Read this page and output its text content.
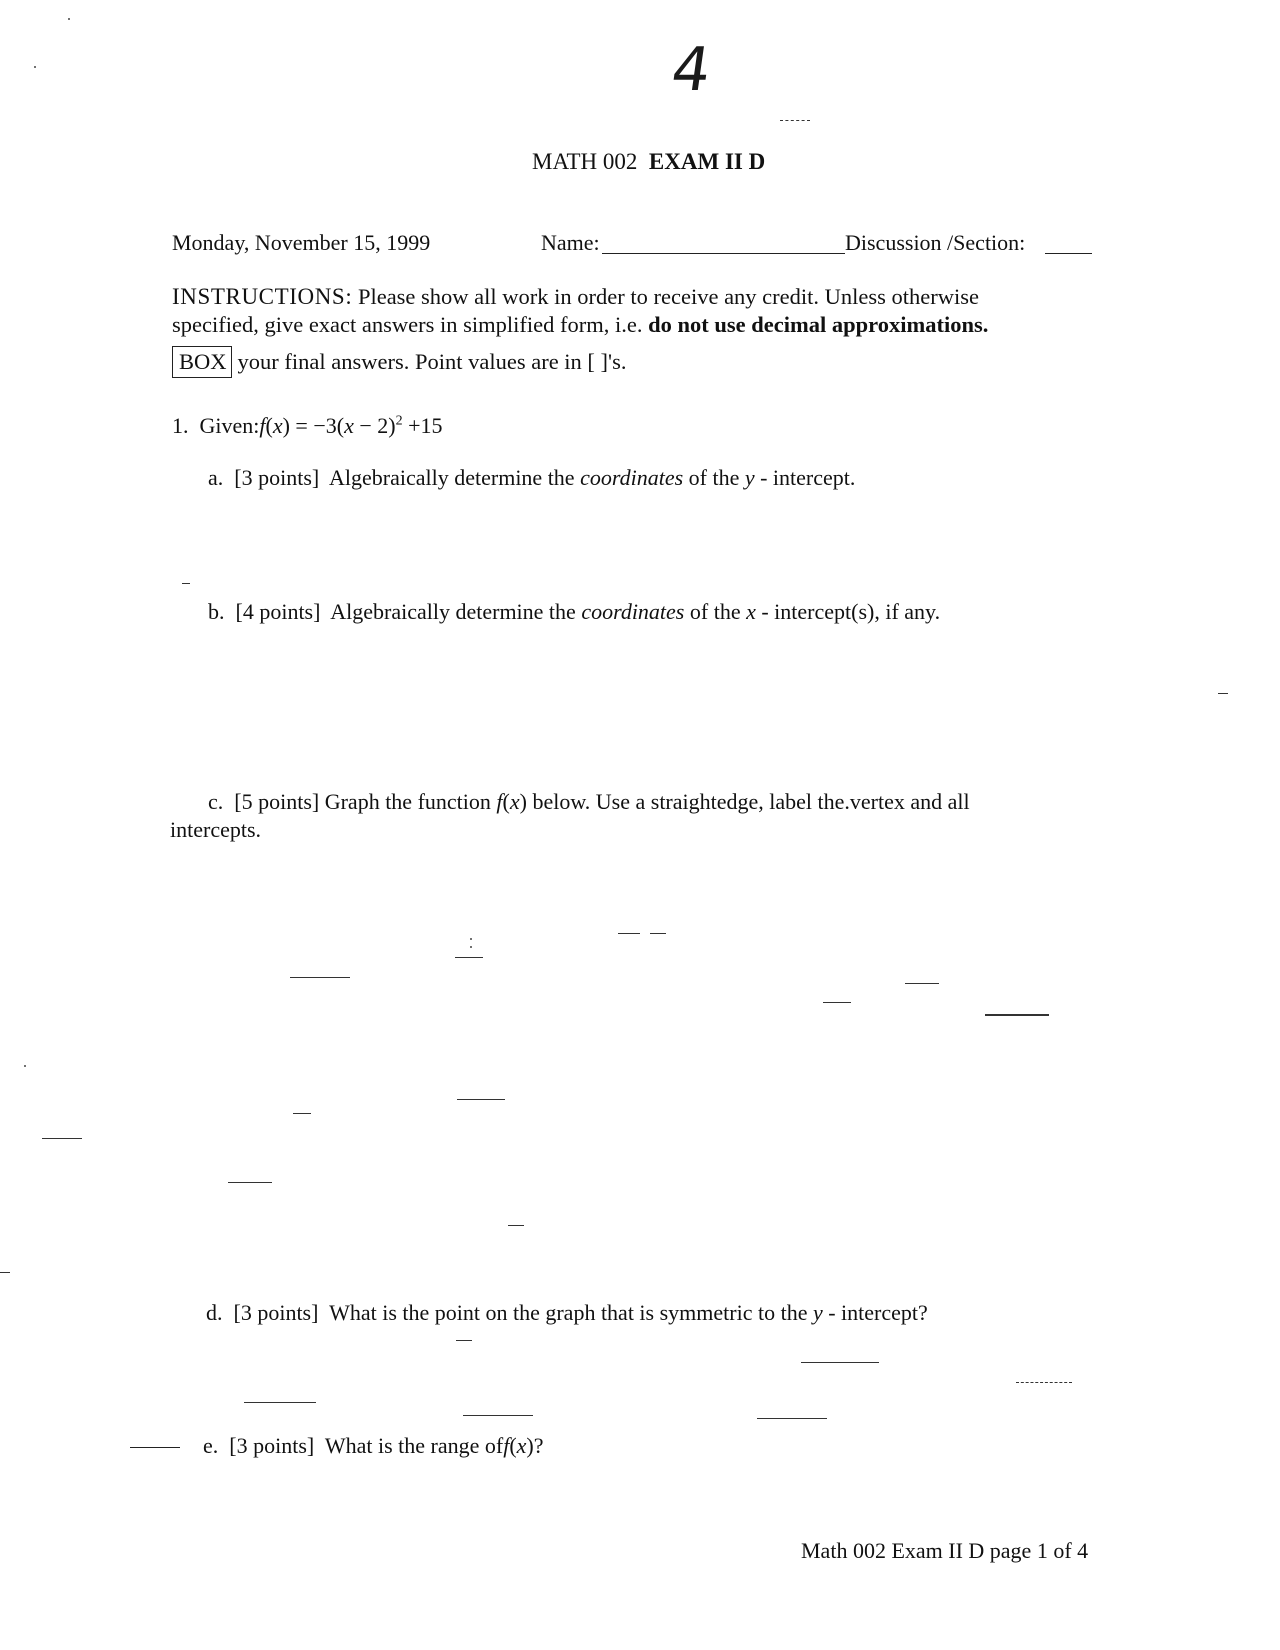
4
MATH 002 EXAM II D
Monday, November 15, 1999	Name:	Discussion /Section:
INSTRUCTIONS: Please show all work in order to receive any credit. Unless otherwise
specified, give exact answers in simplified form, i.e. do not use decimal approximations.
BOX your final answers. Point values are in [ ]'s.
1. Given:f(x) = $-3(x - 2)^2 +15$
a. [3 points] Algebraically determine the coordinates of the y - intercept.
b. [4 points] Algebraically determine the coordinates of the x - intercept(s), if any.
c. [5 points] Graph the function f(x) below. Use a straightedge, label the.vertex and all
intercepts.
d. [3 points] What is the point on the graph that is symmetric to the y - intercept?
e. [3 points] What is the range off(x)?
Math 002 Exam II D page 1 of 4
